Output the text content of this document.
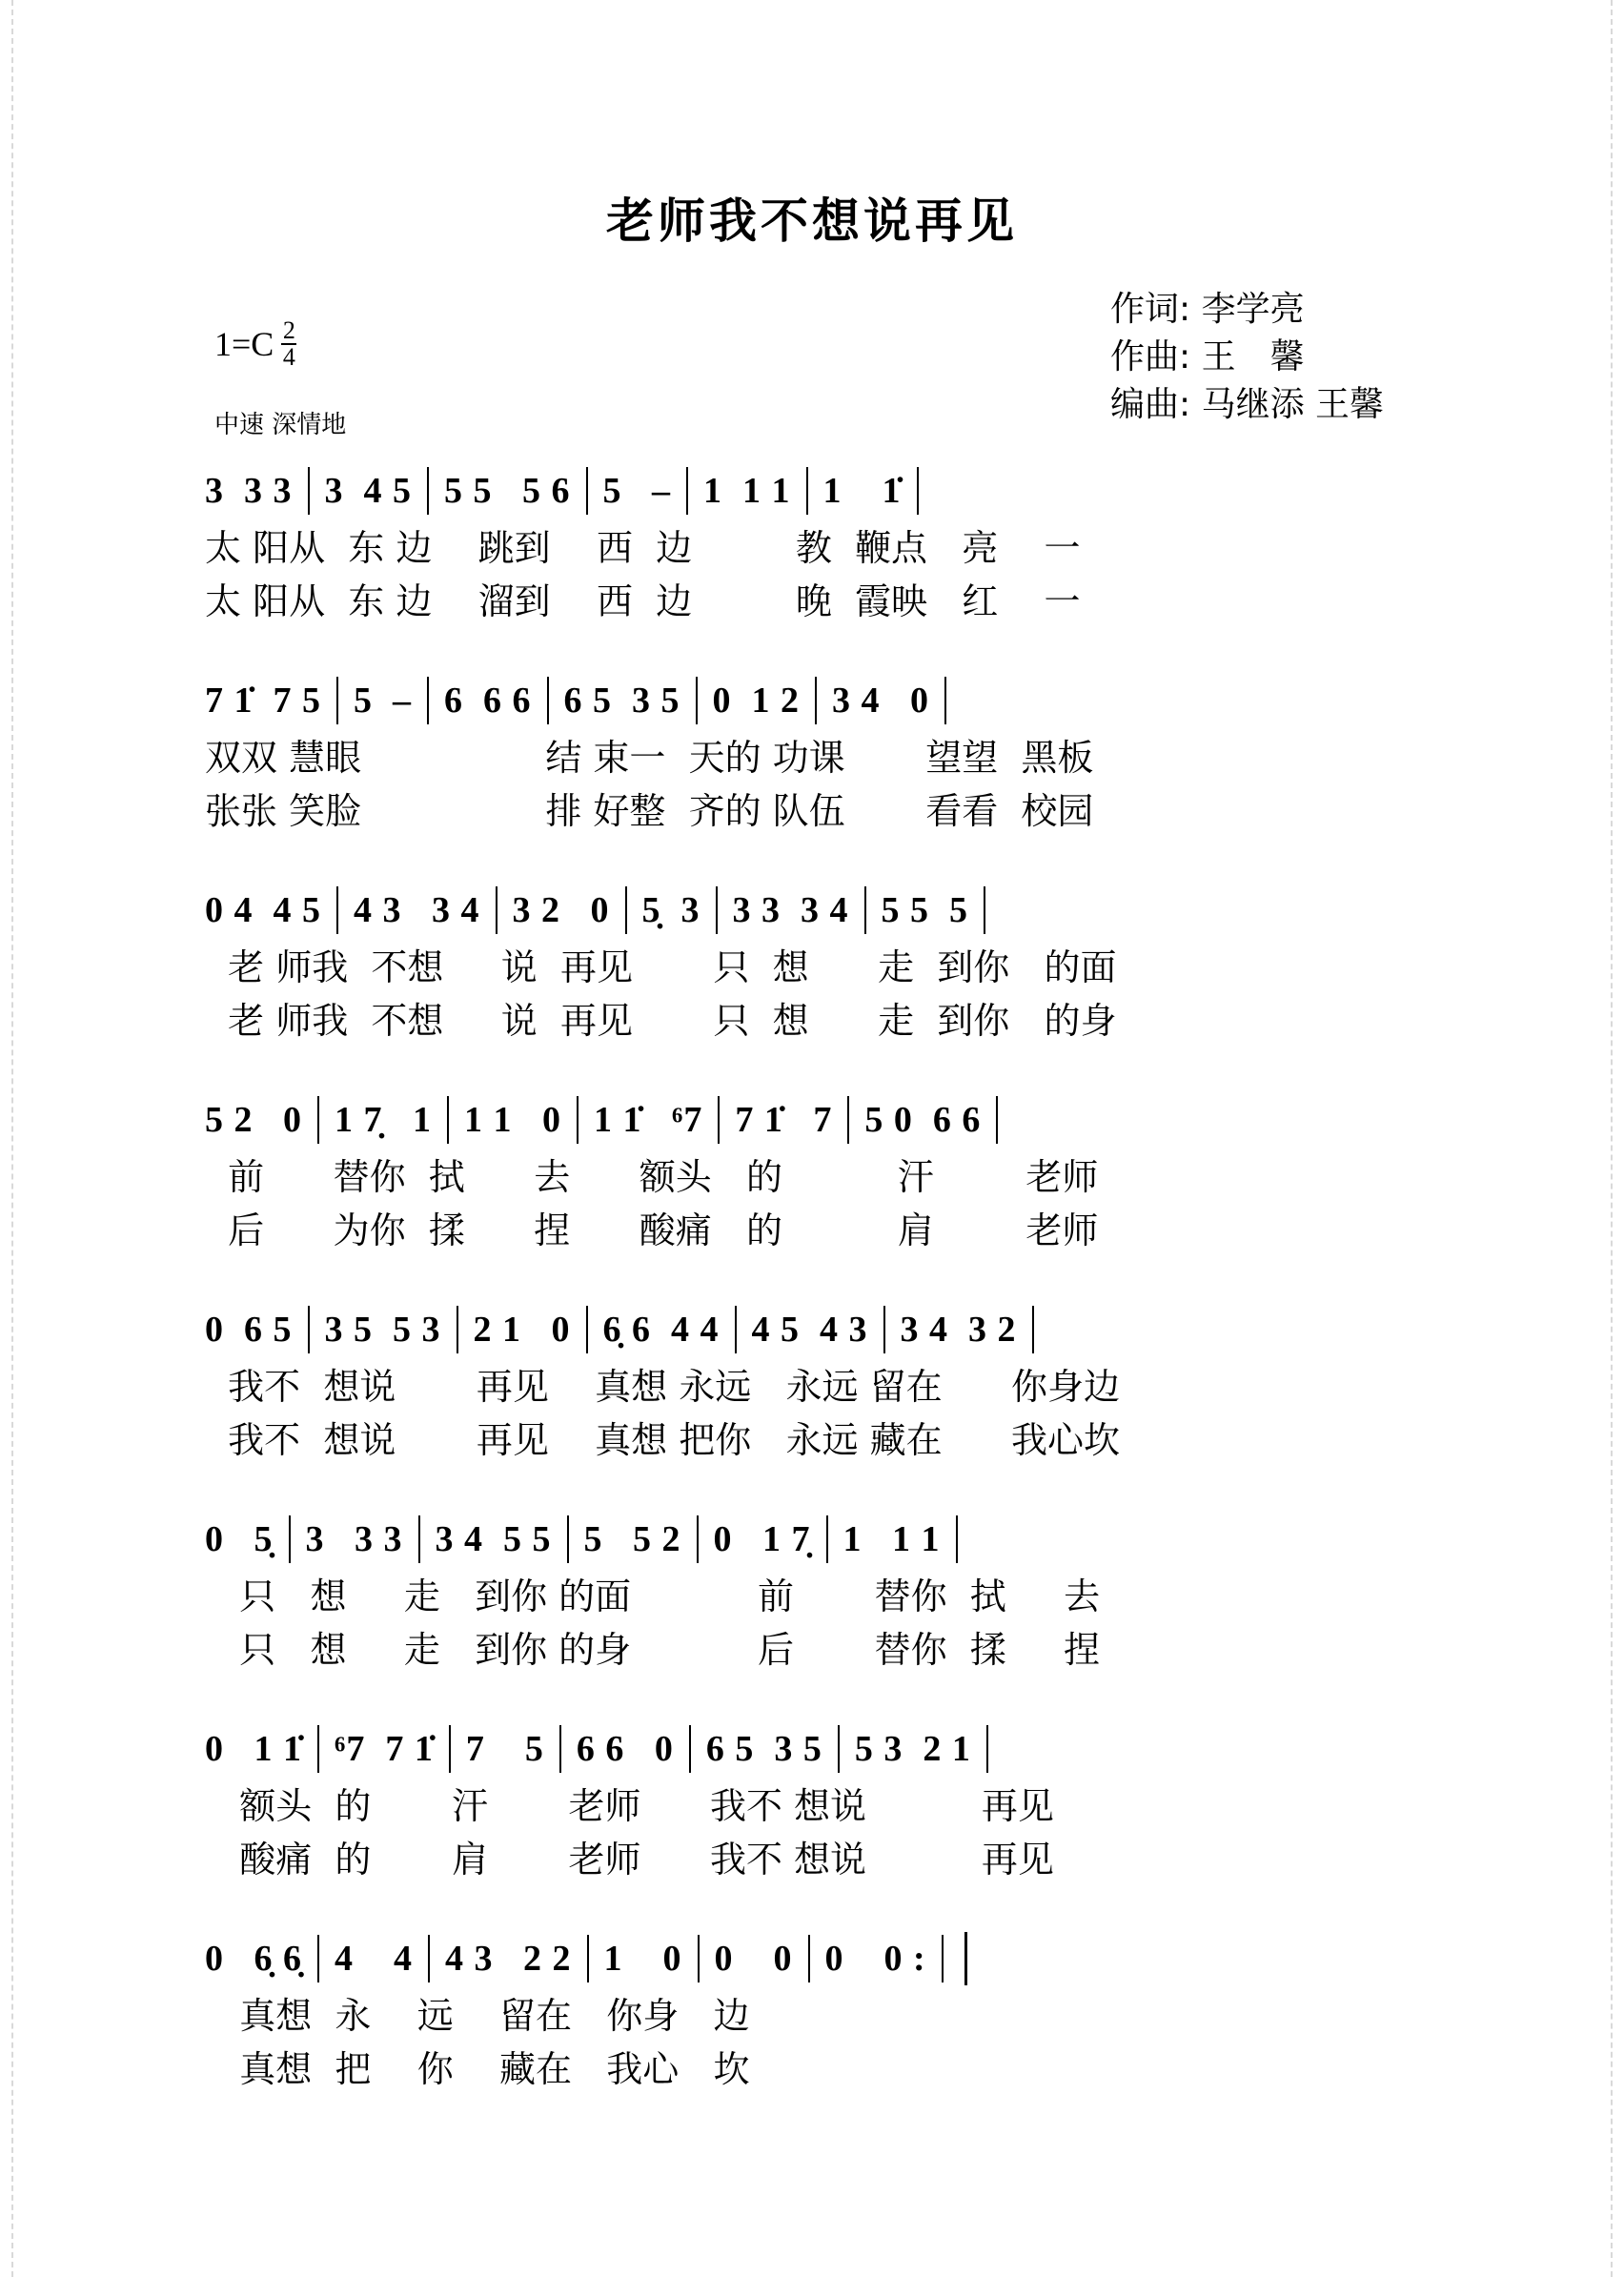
老师我不想说再见
$1=C \frac{2}{4}$
中速 深情地
作词: 李学亮
作曲: 王　馨
编曲: 马继添 王馨
3  3 3 3  4 5 5 5   5 6 5   – 1  1 1 1    1̇
太 阳从  东 边    跳到    西  边         教  鞭点   亮    一
太 阳从  东 边    溜到    西  边         晚  霞映   红    一
7 1̇  7 5 5  – 6  6 6 6 5  3 5 0  1 2 3 4   0
双双 慧眼                结 束一  天的 功课       望望  黑板
张张 笑脸                排 好整  齐的 队伍       看看  校园
0 4  4 5 4 3   3 4 3 2   0 5̣  3 3 3  3 4 5 5  5
老 师我  不想     说  再见       只  想      走  到你   的面
老 师我  不想     说  再见       只  想      走  到你   的身
5 2   0 1 7̣   1 1 1   0 1 1̇   ⁶7 7 1̇   7 5 0  6 6
前      替你  拭      去      额头   的          汗        老师
后      为你  揉      捏      酸痛   的          肩        老师
0  6 5 3 5  5 3 2 1   0 6̣ 6  4 4 4 5  4 3 3 4  3 2
我不  想说       再见    真想 永远   永远 留在      你身边
我不  想说       再见    真想 把你   永远 藏在      我心坎
0   5̣ 3   3 3 3 4  5 5 5   5 2 0   1 7̣ 1   1 1
只   想     走   到你 的面           前       替你  拭     去
只   想     走   到你 的身           后       替你  揉     捏
0   1 1̇ ⁶7  7 1̇ 7    5 6 6   0 6 5  3 5 5 3  2 1
额头  的       汗       老师      我不 想说          再见
酸痛  的       肩       老师      我不 想说          再见
0   6̣ 6̣ 4    4 4 3   2 2 1    0 0    0 0    0 :
真想  永    远    留在   你身   边
真想  把    你    藏在   我心   坎
